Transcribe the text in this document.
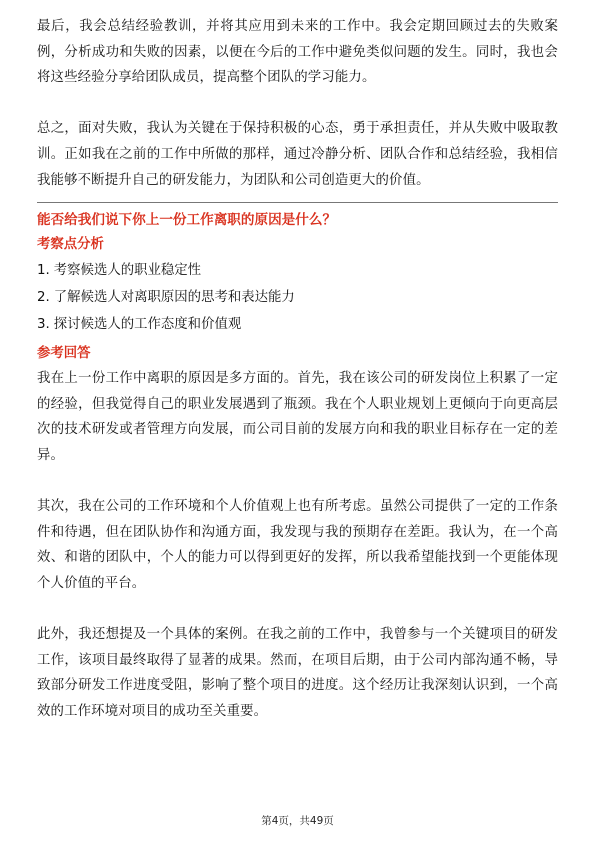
最后，我会总结经验教训，并将其应用到未来的工作中。我会定期回顾过去的失败案例，分析成功和失败的因素，以便在今后的工作中避免类似问题的发生。同时，我也会将这些经验分享给团队成员，提高整个团队的学习能力。

总之，面对失败，我认为关键在于保持积极的心态，勇于承担责任，并从失败中吸取教训。正如我在之前的工作中所做的那样，通过冷静分析、团队合作和总结经验，我相信我能够不断提升自己的研发能力，为团队和公司创造更大的价值。

能否给我们说下你上一份工作离职的原因是什么？
考察点分析

1. 考察候选人的职业稳定性

2. 了解候选人对离职原因的思考和表达能力

3. 探讨候选人的工作态度和价值观

参考回答

我在上一份工作中离职的原因是多方面的。首先，我在该公司的研发岗位上积累了一定的经验，但我觉得自己的职业发展遇到了瓶颈。我在个人职业规划上更倾向于向更高层次的技术研发或者管理方向发展，而公司目前的发展方向和我的职业目标存在一定的差异。

其次，我在公司的工作环境和个人价值观上也有所考虑。虽然公司提供了一定的工作条件和待遇，但在团队协作和沟通方面，我发现与我的预期存在差距。我认为，在一个高效、和谐的团队中，个人的能力可以得到更好的发挥，所以我希望能找到一个更能体现个人价值的平台。

此外，我还想提及一个具体的案例。在我之前的工作中，我曾参与一个关键项目的研发工作，该项目最终取得了显著的成果。然而，在项目后期，由于公司内部沟通不畅，导致部分研发工作进度受阻，影响了整个项目的进度。这个经历让我深刻认识到，一个高效的工作环境对项目的成功至关重要。

第4页，共49页
